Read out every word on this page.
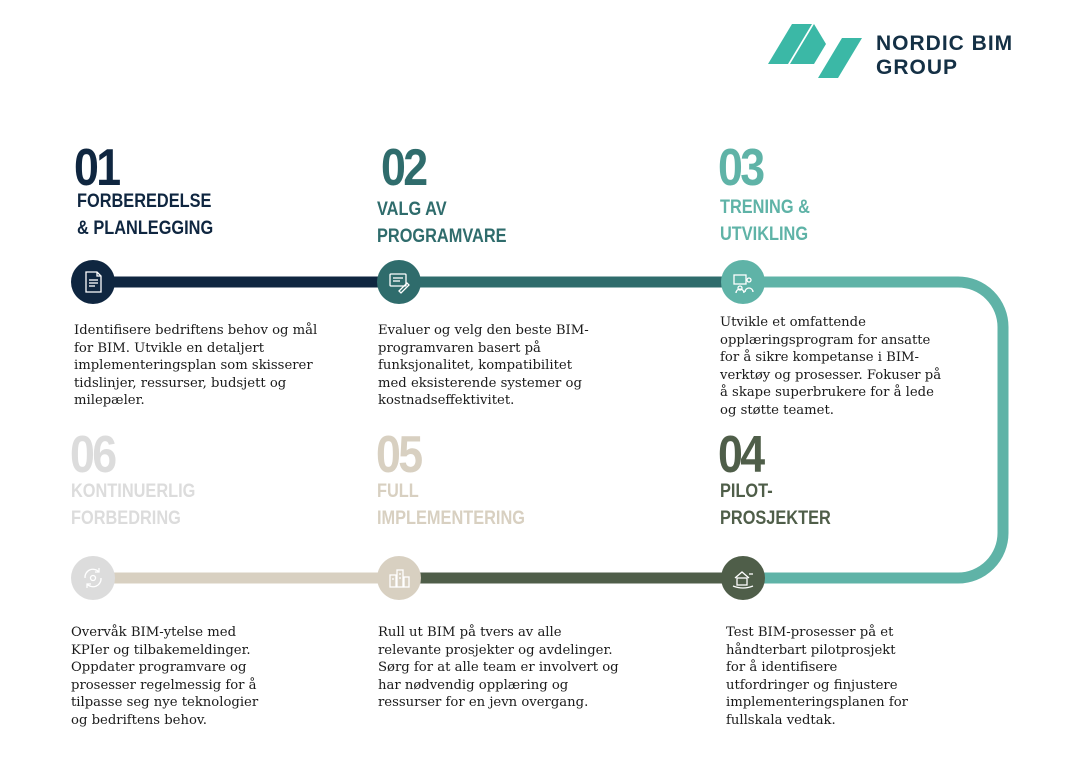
NORDIC BIM
GROUP
01
FORBEREDELSE
& PLANLEGGING
Identifisere bedriftens behov og mål
for BIM. Utvikle en detaljert
implementeringsplan som skisserer
tidslinjer, ressurser, budsjett og
milepæler.
02
VALG AV
PROGRAMVARE
Evaluer og velg den beste BIM-
programvaren basert på
funksjonalitet, kompatibilitet
med eksisterende systemer og
kostnadseffektivitet.
03
TRENING &
UTVIKLING
Utvikle et omfattende
opplæringsprogram for ansatte
for å sikre kompetanse i BIM-
verktøy og prosesser. Fokuser på
å skape superbrukere for å lede
og støtte teamet.
04
PILOT-
PROSJEKTER
Test BIM-prosesser på et
håndterbart pilotprosjekt
for å identifisere
utfordringer og finjustere
implementeringsplanen for
fullskala vedtak.
05
FULL
IMPLEMENTERING
Rull ut BIM på tvers av alle
relevante prosjekter og avdelinger.
Sørg for at alle team er involvert og
har nødvendig opplæring og
ressurser for en jevn overgang.
06
KONTINUERLIG
FORBEDRING
Overvåk BIM-ytelse med
KPIer og tilbakemeldinger.
Oppdater programvare og
prosesser regelmessig for å
tilpasse seg nye teknologier
og bedriftens behov.
